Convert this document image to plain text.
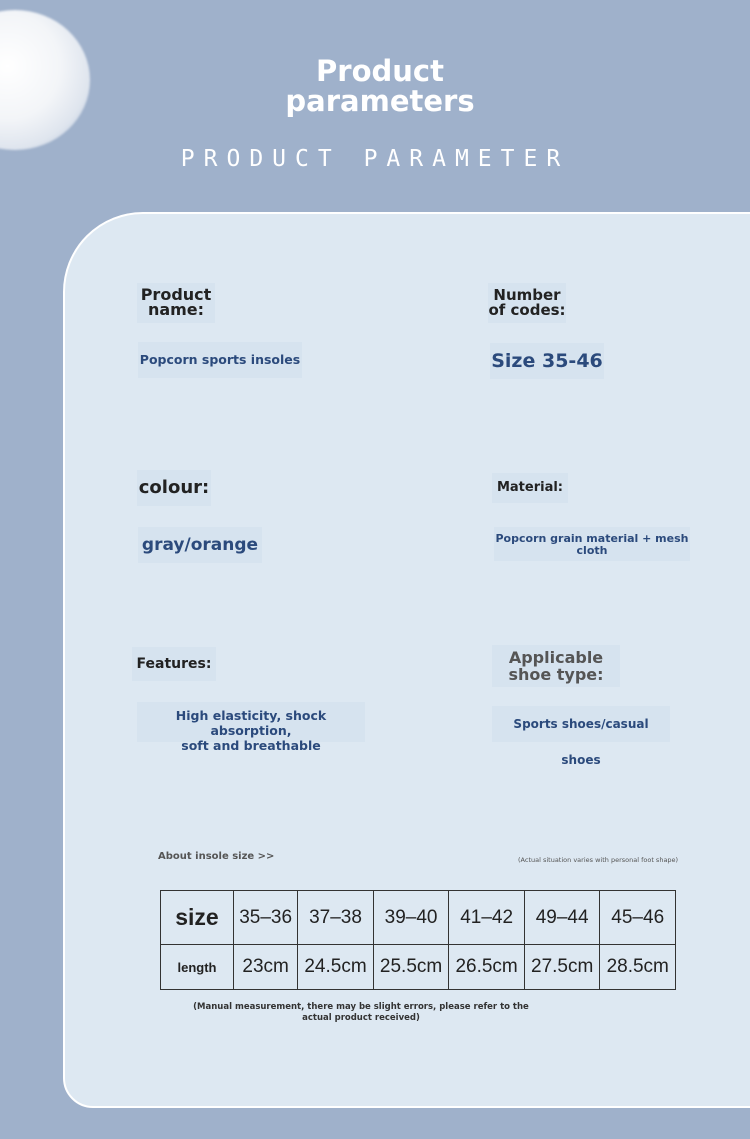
Product
parameters
PRODUCT PARAMETER
Product
name:
Popcorn sports insoles
Number
of codes:
Size 35-46
colour:
gray/orange
Material:
Popcorn grain material + mesh
cloth
Features:
High elasticity, shock absorption,
soft and breathable
Applicable
shoe type:
Sports shoes/casual shoes
About insole size >>	(Actual situation varies with personal foot shape)
size	35–36	37–38	39–40	41–42	49–44	45–46
length	23cm	24.5cm	25.5cm	26.5cm	27.5cm	28.5cm
(Manual measurement, there may be slight errors, please refer to the
actual product received)
